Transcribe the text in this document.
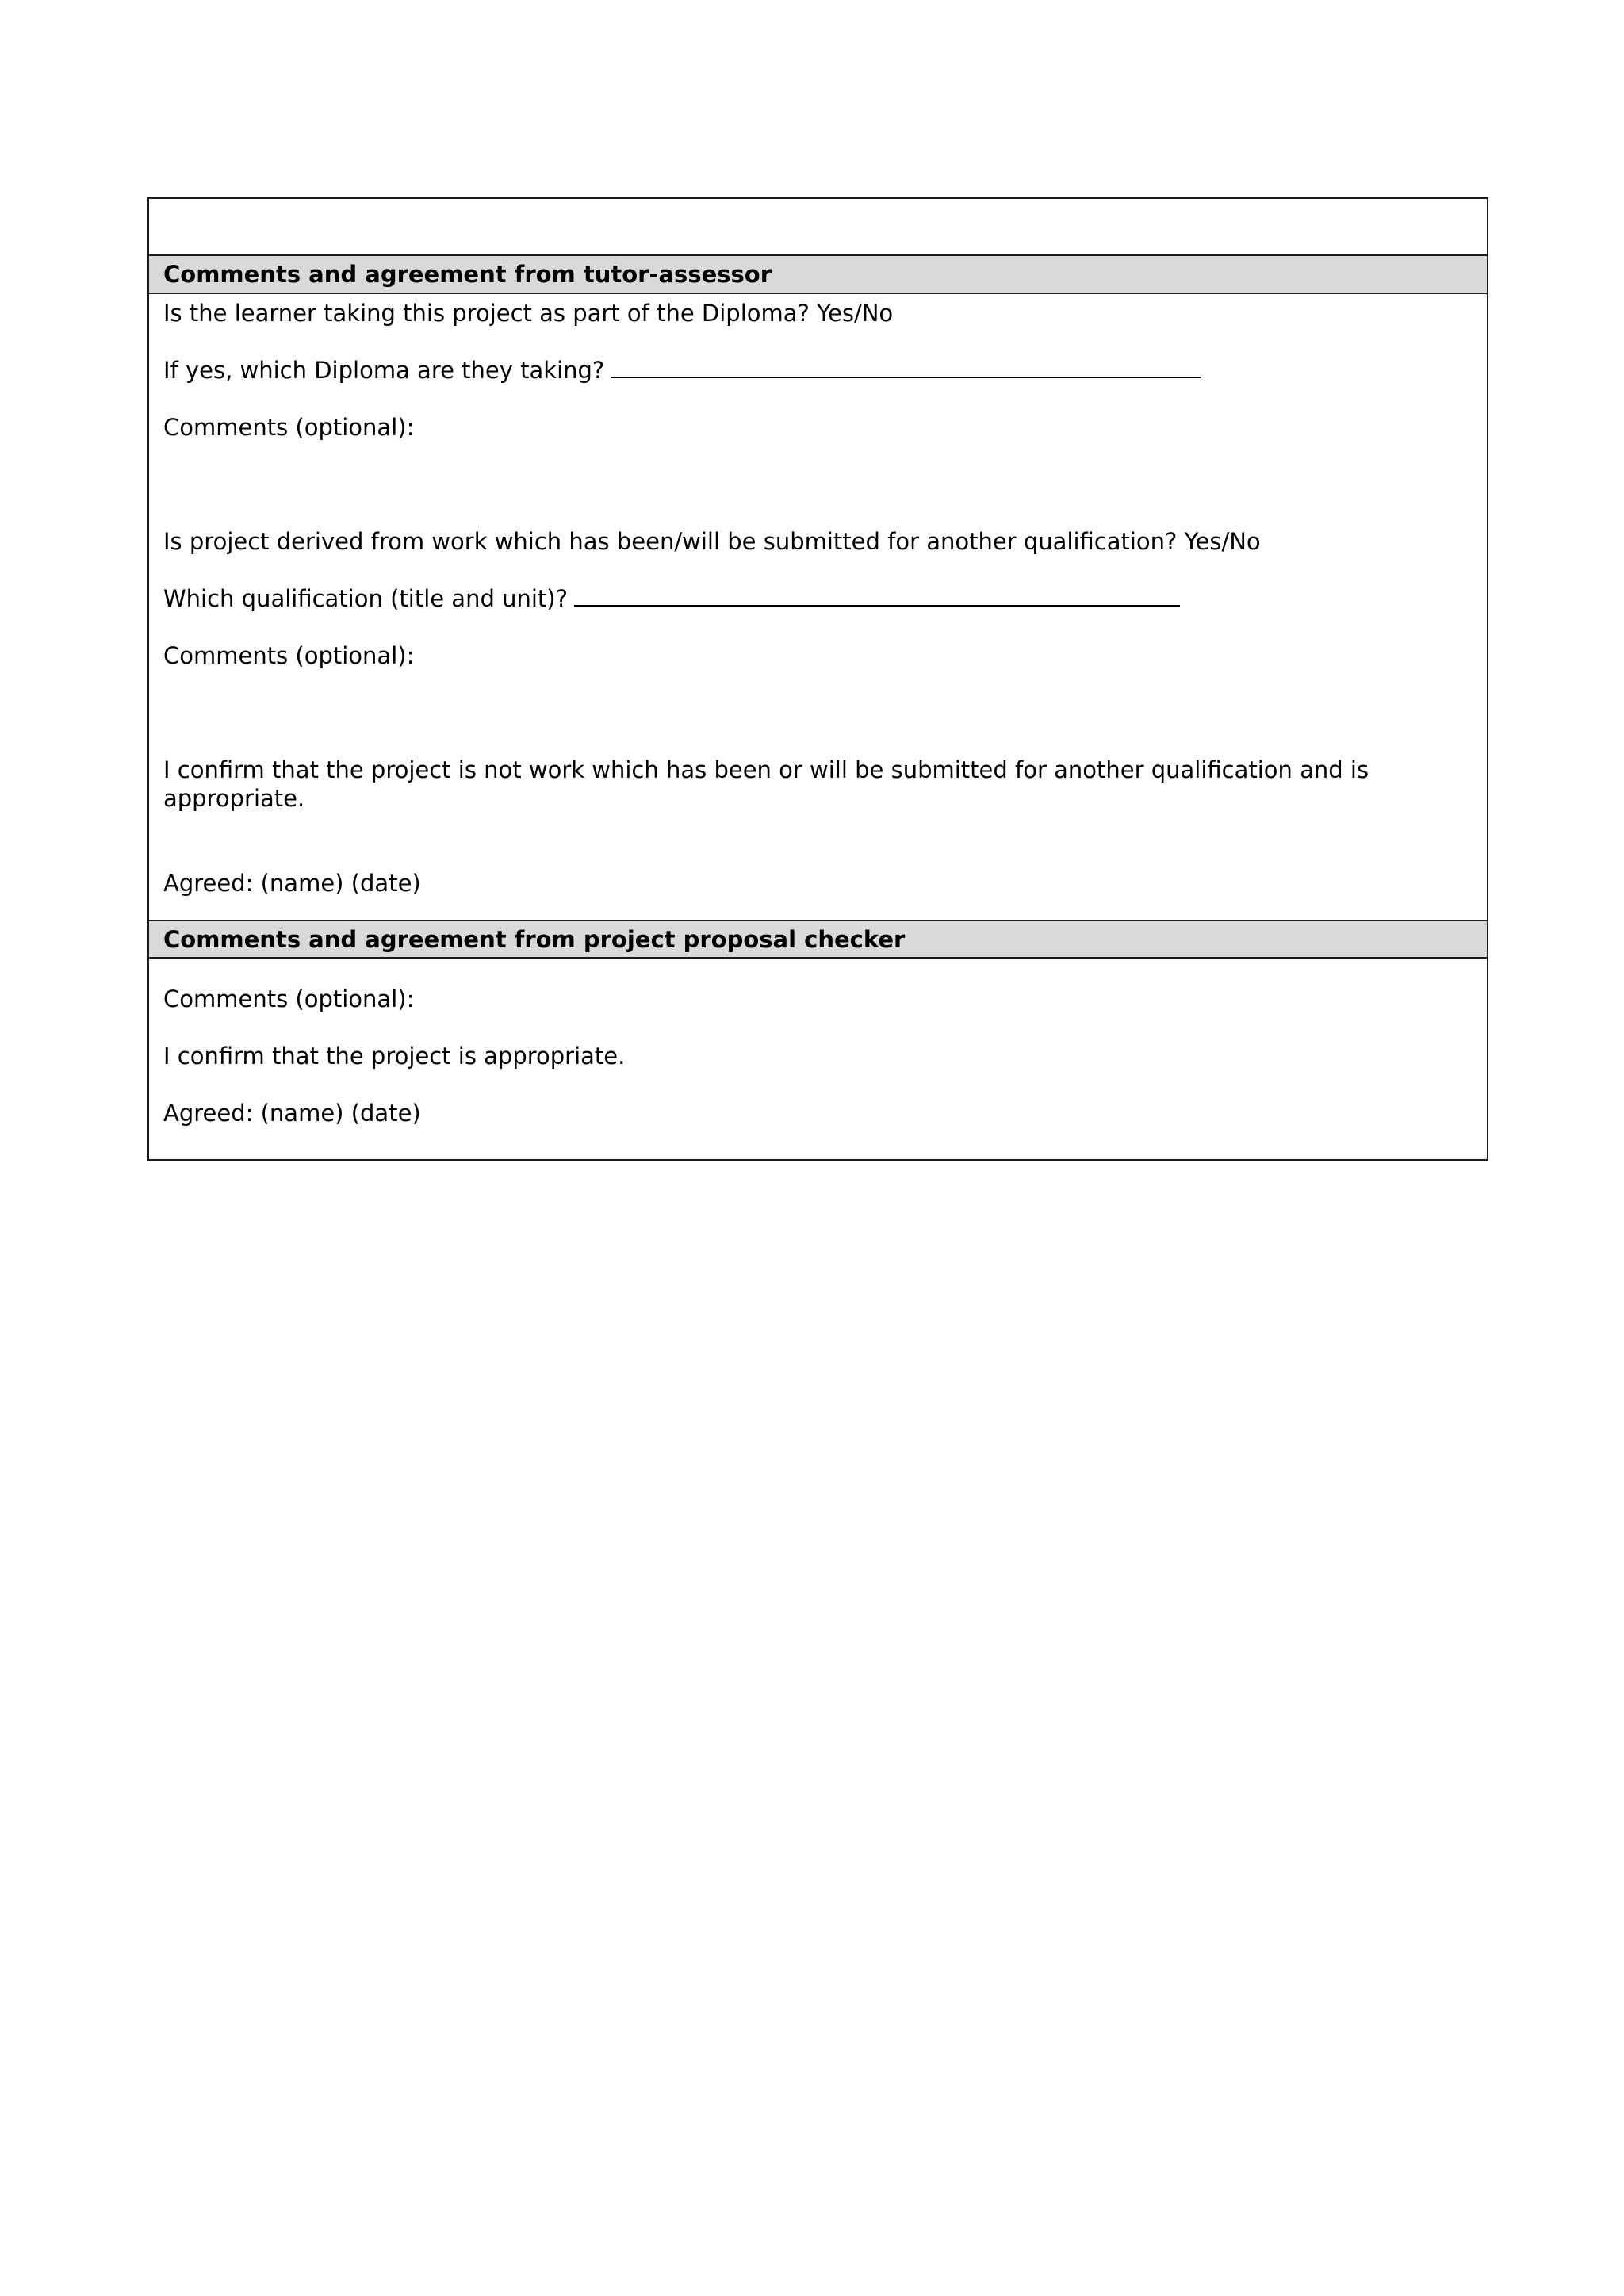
Comments and agreement from tutor-assessor
Is the learner taking this project as part of the Diploma? Yes/No
If yes, which Diploma are they taking?
Comments (optional):
Is project derived from work which has been/will be submitted for another qualification? Yes/No
Which qualification (title and unit)?
Comments (optional):
I confirm that the project is not work which has been or will be submitted for another qualification and is appropriate.
Agreed: (name) (date)
Comments and agreement from project proposal checker
Comments (optional):
I confirm that the project is appropriate.
Agreed: (name) (date)
